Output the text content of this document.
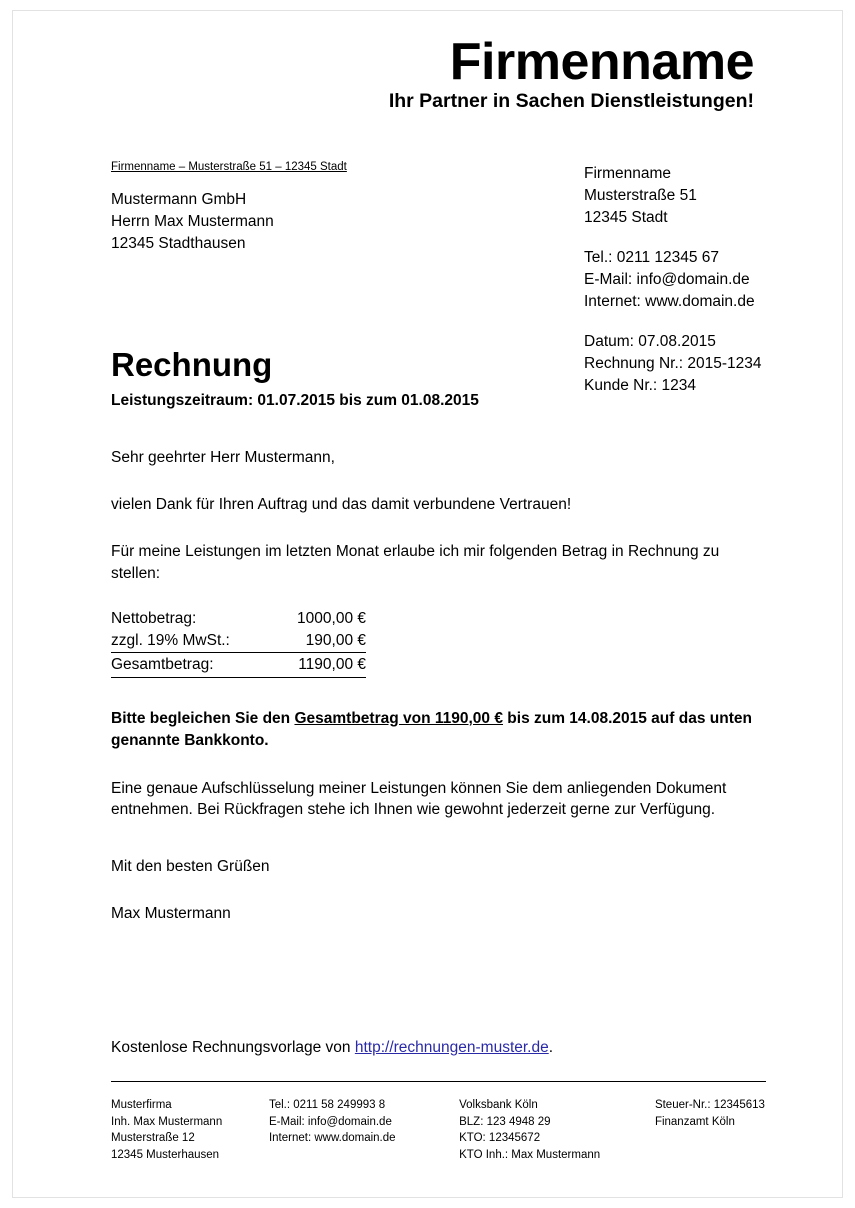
Firmenname
Ihr Partner in Sachen Dienstleistungen!
Firmenname – Musterstraße 51 – 12345 Stadt
Mustermann GmbH
Herrn Max Mustermann
12345 Stadthausen
Firmenname
Musterstraße 51
12345 Stadt
Tel.: 0211 12345 67
E-Mail: info@domain.de
Internet: www.domain.de
Datum: 07.08.2015
Rechnung Nr.: 2015-1234
Kunde Nr.: 1234
Rechnung
Leistungszeitraum: 01.07.2015 bis zum 01.08.2015

Sehr geehrter Herr Mustermann,

vielen Dank für Ihren Auftrag und das damit verbundene Vertrauen!

Für meine Leistungen im letzten Monat erlaube ich mir folgenden Betrag in Rechnung zu stellen:

Nettobetrag:	1000,00 €
zzgl. 19% MwSt.:	190,00 €
Gesamtbetrag:	1190,00 €

Bitte begleichen Sie den Gesamtbetrag von 1190,00 € bis zum 14.08.2015 auf das unten genannte Bankkonto.

Eine genaue Aufschlüsselung meiner Leistungen können Sie dem anliegenden Dokument entnehmen. Bei Rückfragen stehe ich Ihnen wie gewohnt jederzeit gerne zur Verfügung.

Mit den besten Grüßen

Max Mustermann

Kostenlose Rechnungsvorlage von http://rechnungen-muster.de.
Musterfirma
Inh. Max Mustermann
Musterstraße 12
12345 Musterhausen
Tel.: 0211 58 249993 8
E-Mail: info@domain.de
Internet: www.domain.de
Volksbank Köln
BLZ: 123 4948 29
KTO: 12345672
KTO Inh.: Max Mustermann
Steuer-Nr.: 12345613
Finanzamt Köln
